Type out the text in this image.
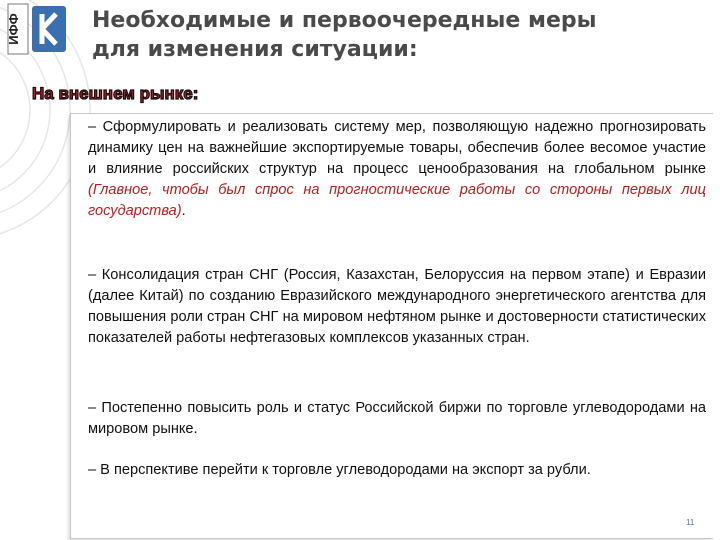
ИФФ	Необходимые и первоочередные меры
для изменения ситуации:
На внешнем рынке:
– Сформулировать и реализовать систему мер, позволяющую надежно прогнозировать динамику цен на важнейшие экспортируемые товары, обеспечив более весомое участие и влияние российских структур на процесс ценообразования на глобальном рынке (Главное, чтобы был спрос на прогностические работы со стороны первых лиц государства).
– Консолидация стран СНГ (Россия, Казахстан, Белоруссия на первом этапе) и Евразии (далее Китай) по созданию Евразийского международного энергетического агентства для повышения роли стран СНГ на мировом нефтяном рынке и достоверности статистических показателей работы нефтегазовых комплексов указанных стран.
– Постепенно повысить роль и статус Российской биржи по торговле углеводородами на мировом рынке.
– В перспективе перейти к торговле углеводородами на экспорт за рубли.
11
